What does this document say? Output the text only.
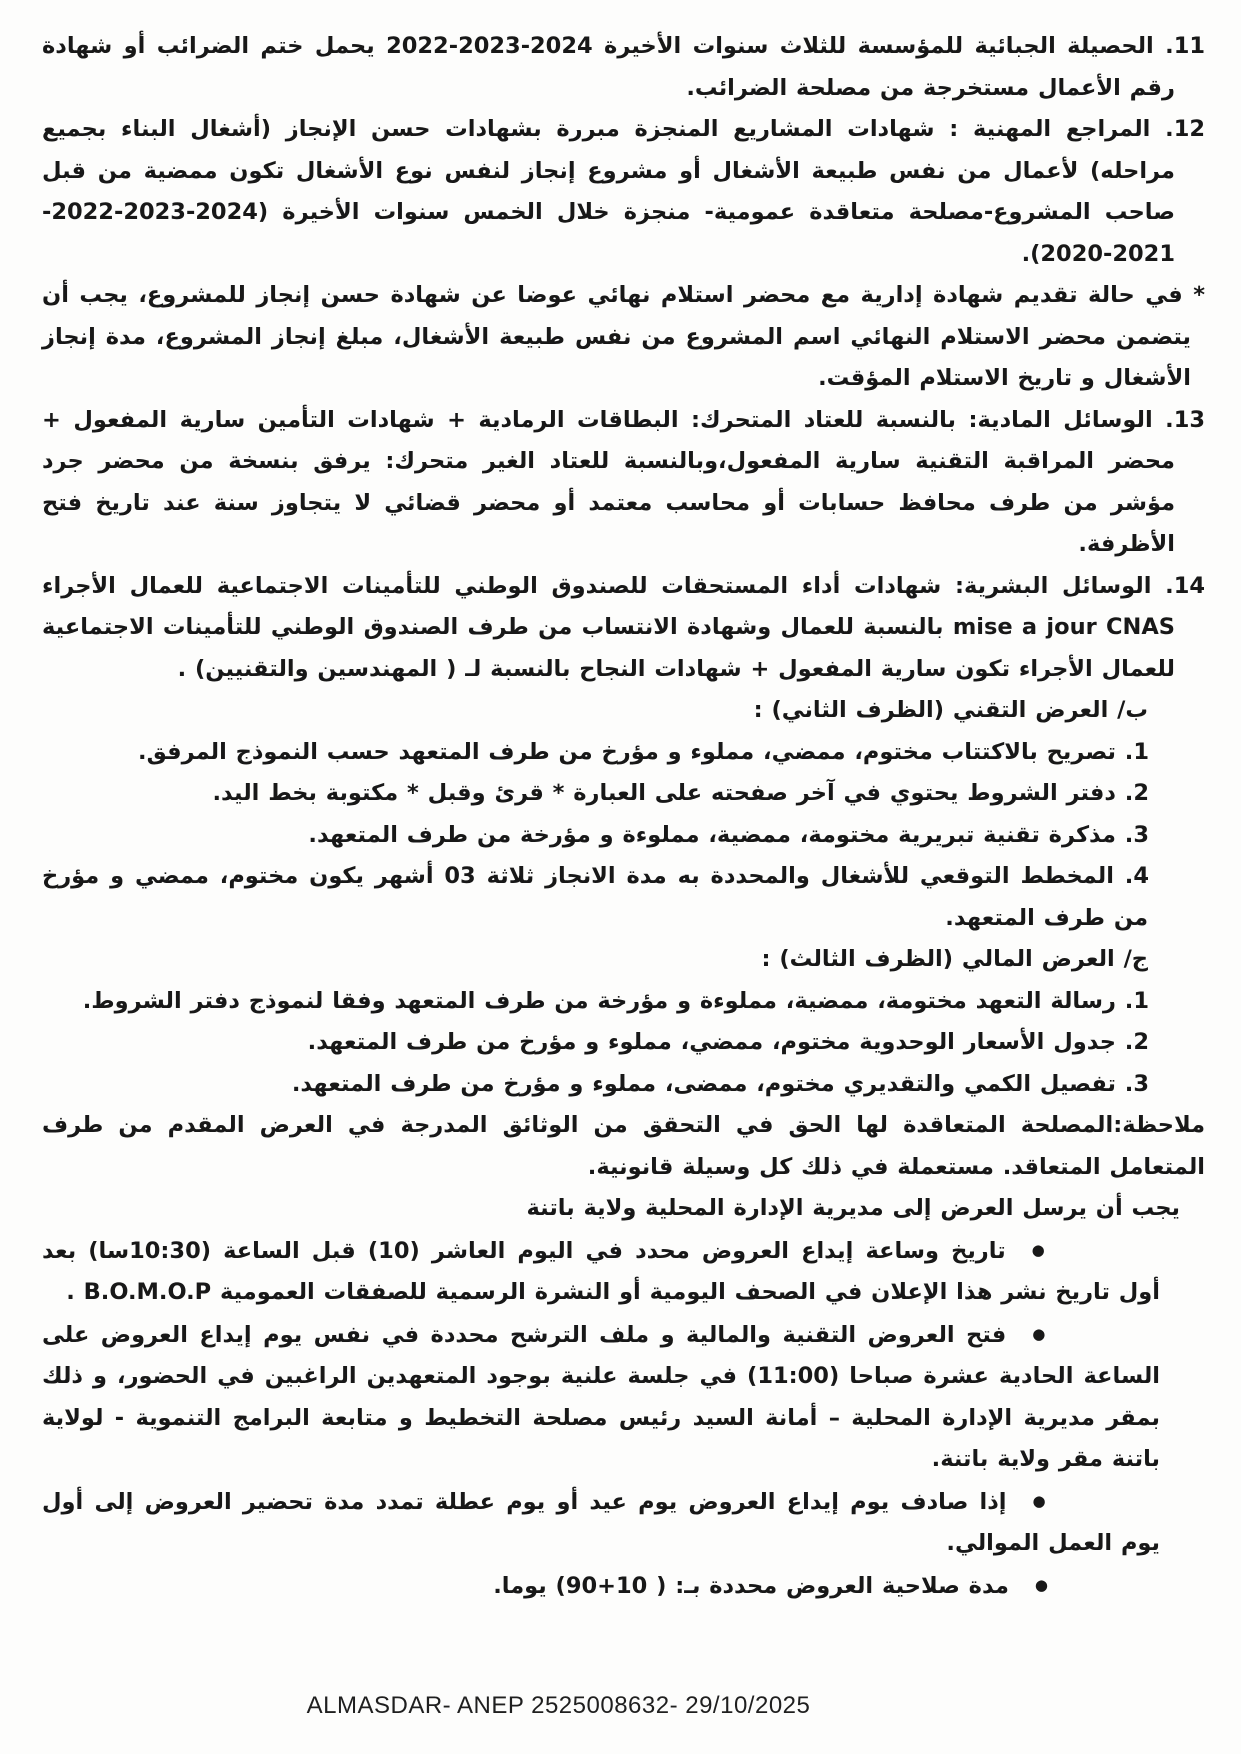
11. الحصيلة الجبائية للمؤسسة للثلاث سنوات الأخيرة 2024-2023-2022 يحمل ختم الضرائب أو شهادة رقم الأعمال مستخرجة من مصلحة الضرائب.

12. المراجع المهنية : شهادات المشاريع المنجزة مبررة بشهادات حسن الإنجاز (أشغال البناء بجميع مراحله) لأعمال من نفس طبيعة الأشغال أو مشروع إنجاز لنفس نوع الأشغال تكون ممضية من قبل صاحب المشروع-مصلحة متعاقدة عمومية- منجزة خلال الخمس سنوات الأخيرة (2024-2023-2022-2021-2020).

* في حالة تقديم شهادة إدارية مع محضر استلام نهائي عوضا عن شهادة حسن إنجاز للمشروع، يجب أن يتضمن محضر الاستلام النهائي اسم المشروع من نفس طبيعة الأشغال، مبلغ إنجاز المشروع، مدة إنجاز الأشغال و تاريخ الاستلام المؤقت.

13. الوسائل المادية: بالنسبة للعتاد المتحرك: البطاقات الرمادية + شهادات التأمين سارية المفعول + محضر المراقبة التقنية سارية المفعول،وبالنسبة للعتاد الغير متحرك: يرفق بنسخة من محضر جرد مؤشر من طرف محافظ حسابات أو محاسب معتمد أو محضر قضائي لا يتجاوز سنة عند تاريخ فتح الأظرفة.

14. الوسائل البشرية: شهادات أداء المستحقات للصندوق الوطني للتأمينات الاجتماعية للعمال الأجراء mise a jour CNAS بالنسبة للعمال وشهادة الانتساب من طرف الصندوق الوطني للتأمينات الاجتماعية للعمال الأجراء تكون سارية المفعول + شهادات النجاح بالنسبة لـ ( المهندسين والتقنيين) .

ب/ العرض التقني (الظرف الثاني) :

1. تصريح بالاكتتاب مختوم، ممضي، مملوء و مؤرخ من طرف المتعهد حسب النموذج المرفق.

2. دفتر الشروط يحتوي في آخر صفحته على العبارة * قرئ وقبل * مكتوبة بخط اليد.

3. مذكرة تقنية تبريرية مختومة، ممضية، مملوءة و مؤرخة من طرف المتعهد.

4. المخطط التوقعي للأشغال والمحددة به مدة الانجاز ثلاثة 03 أشهر يكون مختوم، ممضي و مؤرخ من طرف المتعهد.

ج/ العرض المالي (الظرف الثالث) :

1. رسالة التعهد مختومة، ممضية، مملوءة و مؤرخة من طرف المتعهد وفقا لنموذج دفتر الشروط.

2. جدول الأسعار الوحدوية مختوم، ممضي، مملوء و مؤرخ من طرف المتعهد.

3. تفصيل الكمي والتقديري مختوم، ممضى، مملوء و مؤرخ من طرف المتعهد.

ملاحظة:المصلحة المتعاقدة لها الحق في التحقق من الوثائق المدرجة في العرض المقدم من طرف المتعامل المتعاقد. مستعملة في ذلك كل وسيلة قانونية.

يجب أن يرسل العرض إلى مديرية الإدارة المحلية ولاية باتنة

●تاريخ وساعة إيداع العروض محدد في اليوم العاشر (10) قبل الساعة (10:30سا) بعد أول تاريخ نشر هذا الإعلان في الصحف اليومية أو النشرة الرسمية للصفقات العمومية B.O.M.O.P .

●فتح العروض التقنية والمالية و ملف الترشح محددة في نفس يوم إيداع العروض على الساعة الحادية عشرة صباحا (11:00) في جلسة علنية بوجود المتعهدين الراغبين في الحضور، و ذلك بمقر مديرية الإدارة المحلية – أمانة السيد رئيس مصلحة التخطيط و متابعة البرامج التنموية - لولاية باتنة مقر ولاية باتنة.

●إذا صادف يوم إيداع العروض يوم عيد أو يوم عطلة تمدد مدة تحضير العروض إلى أول يوم العمل الموالي.

●مدة صلاحية العروض محددة بـ: ( 10+90) يوما.

ALMASDAR- ANEP 2525008632- 29/10/2025
